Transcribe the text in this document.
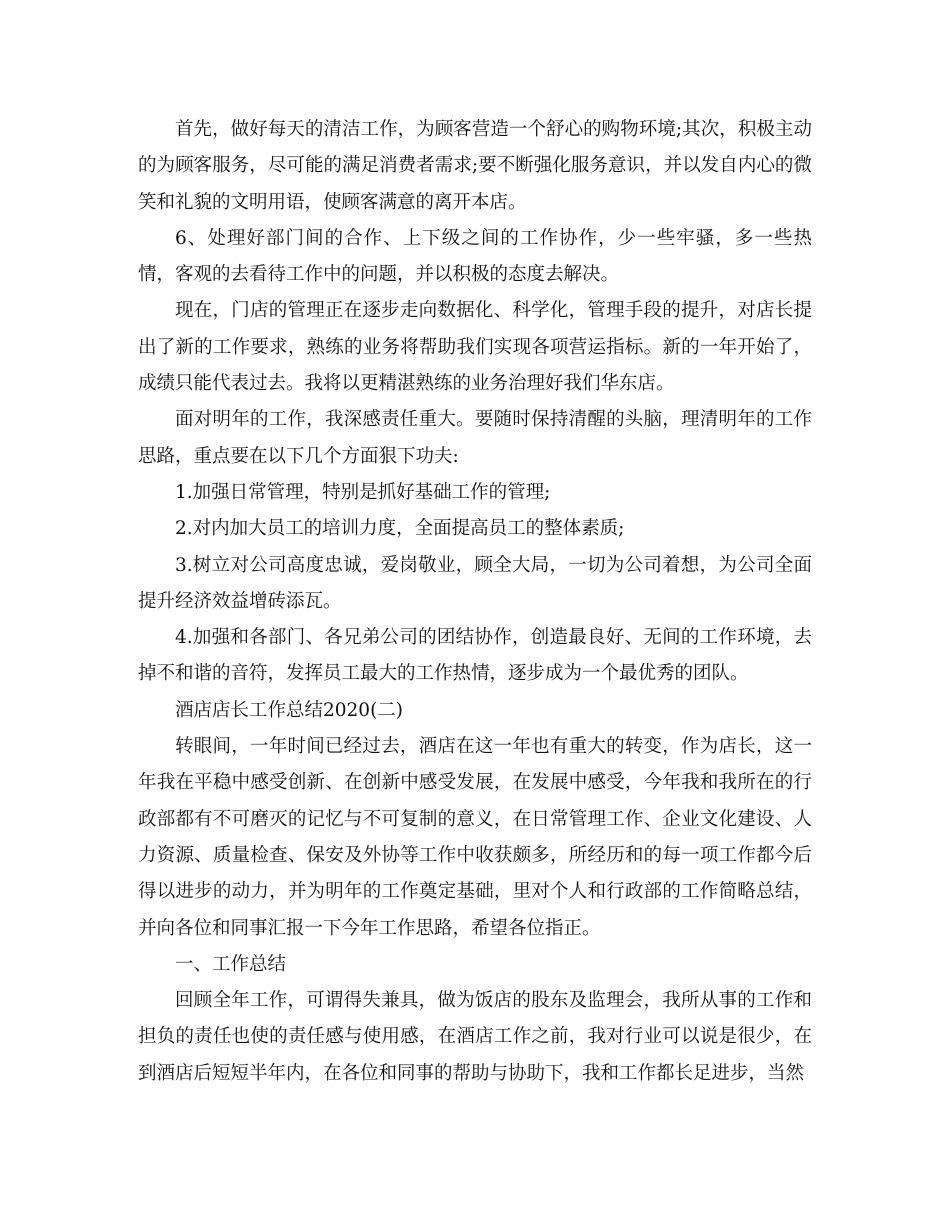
首先，做好每天的清洁工作，为顾客营造一个舒心的购物环境;其次，积极主动的为顾客服务，尽可能的满足消费者需求;要不断强化服务意识，并以发自内心的微笑和礼貌的文明用语，使顾客满意的离开本店。

6、处理好部门间的合作、上下级之间的工作协作，少一些牢骚，多一些热情，客观的去看待工作中的问题，并以积极的态度去解决。

现在，门店的管理正在逐步走向数据化、科学化，管理手段的提升，对店长提出了新的工作要求，熟练的业务将帮助我们实现各项营运指标。新的一年开始了，成绩只能代表过去。我将以更精湛熟练的业务治理好我们华东店。

面对明年的工作，我深感责任重大。要随时保持清醒的头脑，理清明年的工作思路，重点要在以下几个方面狠下功夫:

1.加强日常管理，特别是抓好基础工作的管理;

2.对内加大员工的培训力度，全面提高员工的整体素质;

3.树立对公司高度忠诚，爱岗敬业，顾全大局，一切为公司着想，为公司全面提升经济效益增砖添瓦。

4.加强和各部门、各兄弟公司的团结协作，创造最良好、无间的工作环境，去掉不和谐的音符，发挥员工最大的工作热情，逐步成为一个最优秀的团队。

酒店店长工作总结2020(二)

转眼间，一年时间已经过去，酒店在这一年也有重大的转变，作为店长，这一年我在平稳中感受创新、在创新中感受发展，在发展中感受，今年我和我所在的行政部都有不可磨灭的记忆与不可复制的意义，在日常管理工作、企业文化建设、人力资源、质量检查、保安及外协等工作中收获颇多，所经历和的每一项工作都今后得以进步的动力，并为明年的工作奠定基础，里对个人和行政部的工作简略总结，并向各位和同事汇报一下今年工作思路，希望各位指正。

一、工作总结

回顾全年工作，可谓得失兼具，做为饭店的股东及监理会，我所从事的工作和担负的责任也使的责任感与使用感，在酒店工作之前，我对行业可以说是很少，在到酒店后短短半年内，在各位和同事的帮助与协助下，我和工作都长足进步，当然
